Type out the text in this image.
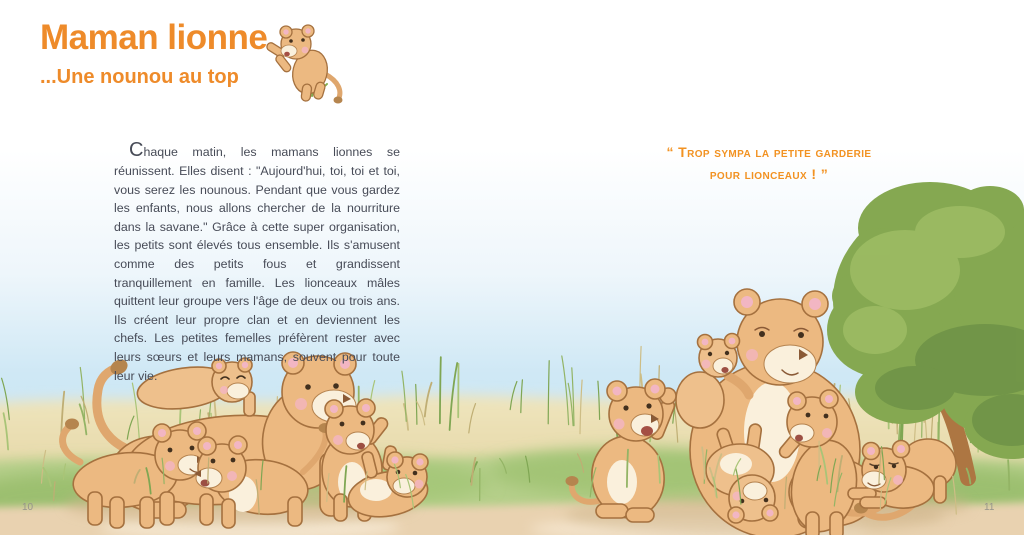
Maman lionne
...Une nounou au top

Chaque matin, les mamans lionnes se réunissent. Elles disent : "Aujourd'hui, toi, toi et toi, vous serez les nounous. Pendant que vous gardez les enfants, nous allons chercher de la nourriture dans la savane." Grâce à cette super organisation, les petits sont élevés tous ensemble. Ils s'amusent comme des petits fous et grandissent tranquillement en famille. Les lionceaux mâles quittent leur groupe vers l'âge de deux ou trois ans. Ils créent leur propre clan et en deviennent les chefs. Les petites femelles préfèrent rester avec leurs sœurs et leurs mamans, souvent pour toute leur vie.

“ Trop sympa la petite garderie
pour lionceaux ! ”
10	11
